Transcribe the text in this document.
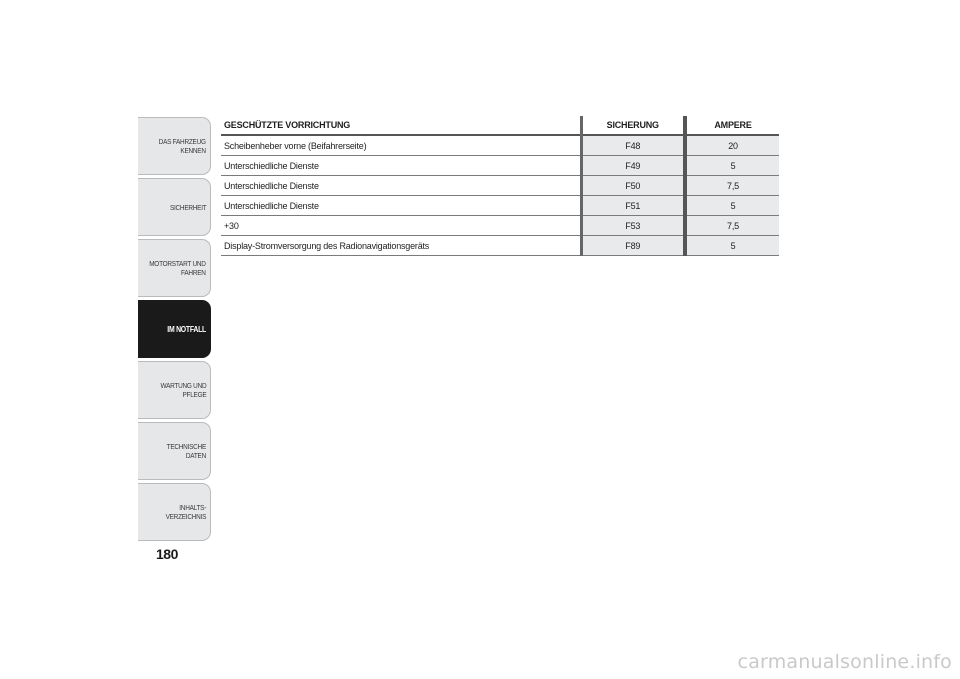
DAS FAHRZEUG
KENNEN
SICHERHEIT
MOTORSTART UND
FAHREN
IM NOTFALL
WARTUNG UND
PFLEGE
TECHNISCHE DATEN
INHALTS-
VERZEICHNIS
180
GESCHÜTZTE VORRICHTUNG	SICHERUNG	AMPERE
Scheibenheber vorne (Beifahrerseite)	F48	20
Unterschiedliche Dienste	F49	5
Unterschiedliche Dienste	F50	7,5
Unterschiedliche Dienste	F51	5
+30	F53	7,5
Display-Stromversorgung des Radionavigationsgeräts	F89	5
carmanualsonline.info
